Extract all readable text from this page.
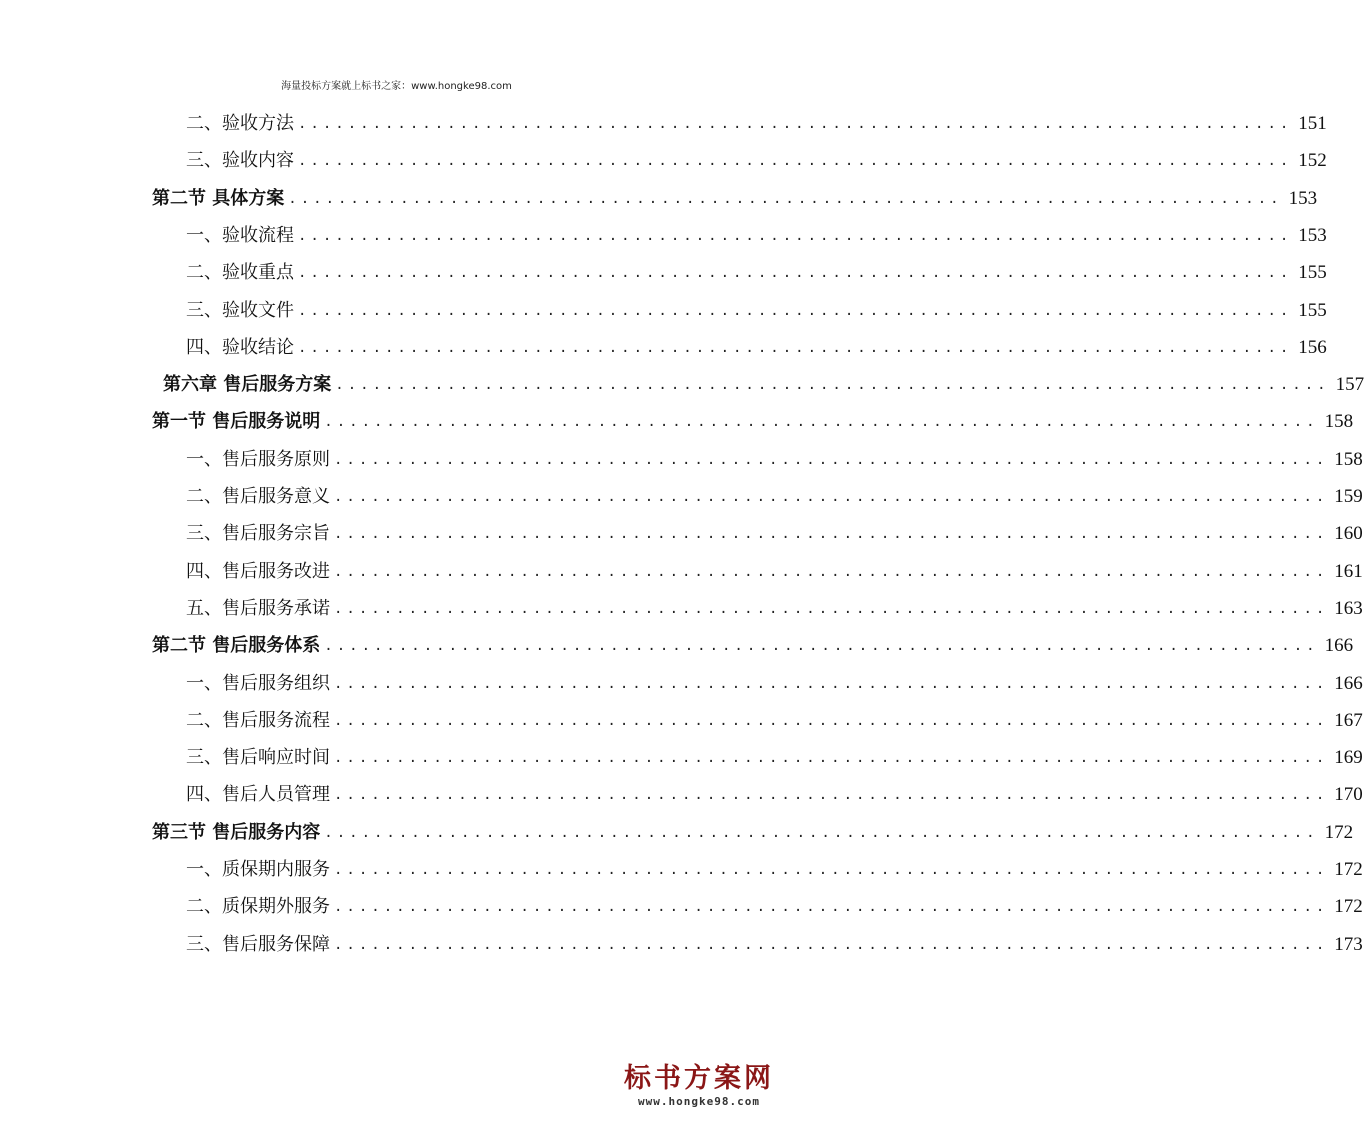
海量投标方案就上标书之家：www.hongke98.com
二、验收方法 ................................................................................ 151
三、验收内容 ................................................................................ 152
第二节 具体方案 ................................................................................ 153
一、验收流程 ................................................................................ 153
二、验收重点 ................................................................................ 155
三、验收文件 ................................................................................ 155
四、验收结论 ................................................................................ 156
第六章 售后服务方案 ................................................................................ 157
第一节 售后服务说明 ................................................................................ 158
一、售后服务原则 ................................................................................ 158
二、售后服务意义 ................................................................................ 159
三、售后服务宗旨 ................................................................................ 160
四、售后服务改进 ................................................................................ 161
五、售后服务承诺 ................................................................................ 163
第二节 售后服务体系 ................................................................................ 166
一、售后服务组织 ................................................................................ 166
二、售后服务流程 ................................................................................ 167
三、售后响应时间 ................................................................................ 169
四、售后人员管理 ................................................................................ 170
第三节 售后服务内容 ................................................................................ 172
一、质保期内服务 ................................................................................ 172
二、质保期外服务 ................................................................................ 172
三、售后服务保障 ................................................................................ 173
标书方案网
www.hongke98.com
